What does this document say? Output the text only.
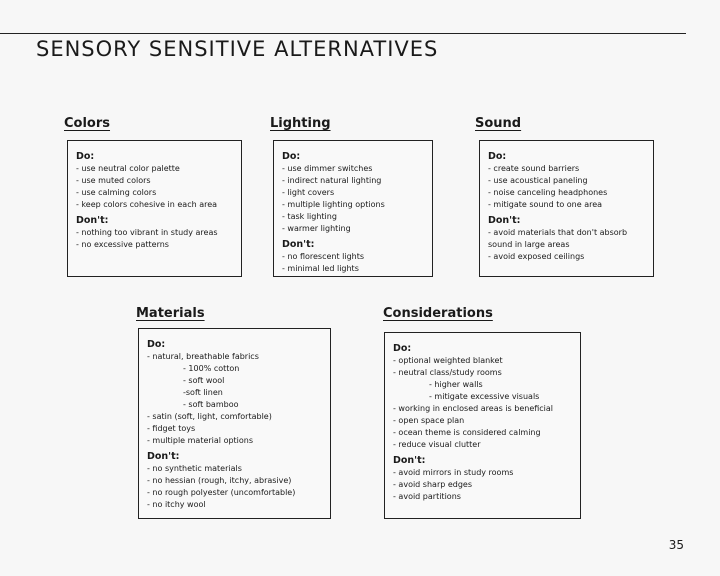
SENSORY SENSITIVE ALTERNATIVES
Colors
Do:
- use neutral color palette
- use muted colors
- use calming colors
- keep colors cohesive in each area
Don't:
- nothing too vibrant in study areas
- no excessive patterns
Lighting
Do:
- use dimmer switches
- indirect natural lighting
- light covers
- multiple lighting options
- task lighting
- warmer lighting
Don't:
- no florescent lights
- minimal led lights
Sound
Do:
- create sound barriers
- use acoustical paneling
- noise canceling headphones
- mitigate sound to one area
Don't:
- avoid materials that don't absorb
sound in large areas
- avoid exposed ceilings
Materials
Do:
- natural, breathable fabrics
- 100% cotton
- soft wool
-soft linen
- soft bamboo
- satin (soft, light, comfortable)
- fidget toys
- multiple material options
Don't:
- no synthetic materials
- no hessian (rough, itchy, abrasive)
- no rough polyester (uncomfortable)
- no itchy wool
Considerations
Do:
- optional weighted blanket
- neutral class/study rooms
- higher walls
- mitigate excessive visuals
- working in enclosed areas is beneficial
- open space plan
- ocean theme is considered calming
- reduce visual clutter
Don't:
- avoid mirrors in study rooms
- avoid sharp edges
- avoid partitions
35
